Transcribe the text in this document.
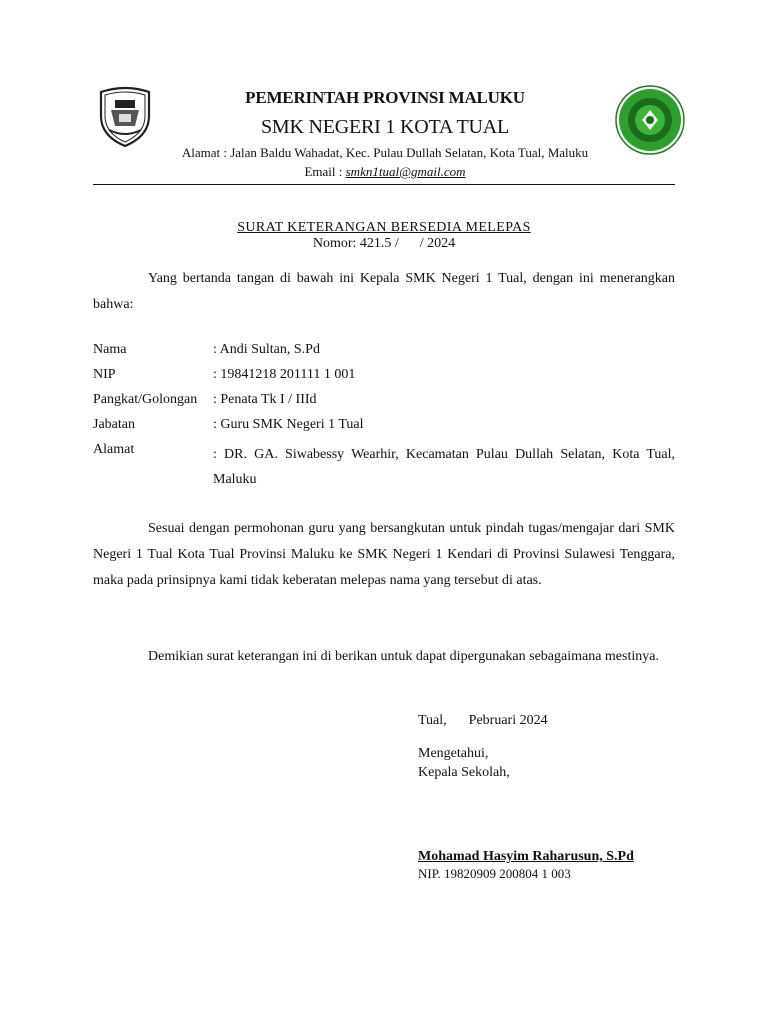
PEMERINTAH PROVINSI MALUKU
SMK NEGERI 1 KOTA TUAL
Alamat : Jalan Baldu Wahadat, Kec. Pulau Dullah Selatan, Kota Tual, Maluku
Email : smkn1tual@gmail.com
SURAT KETERANGAN BERSEDIA MELEPAS
Nomor: 421.5 /      / 2024

Yang bertanda tangan di bawah ini Kepala SMK Negeri 1 Tual, dengan ini menerangkan bahwa:

Nama	: Andi Sultan, S.Pd
NIP	: 19841218 201111 1 001
Pangkat/Golongan : Penata Tk I / IIId
Jabatan	: Guru SMK Negeri 1 Tual
Alamat	: DR. GA. Siwabessy Wearhir, Kecamatan Pulau Dullah Selatan, Kota Tual, Maluku

Sesuai dengan permohonan guru yang bersangkutan untuk pindah tugas/mengajar dari SMK Negeri 1 Tual Kota Tual Provinsi Maluku ke SMK Negeri 1 Kendari di Provinsi Sulawesi Tenggara, maka pada prinsipnya kami tidak keberatan melepas nama yang tersebut di atas.

Demikian surat keterangan ini di berikan untuk dapat dipergunakan sebagaimana mestinya.

Tual, Pebruari 2024
Mengetahui,
Kepala Sekolah,
Mohamad Hasyim Raharusun, S.Pd
NIP. 19820909 200804 1 003
